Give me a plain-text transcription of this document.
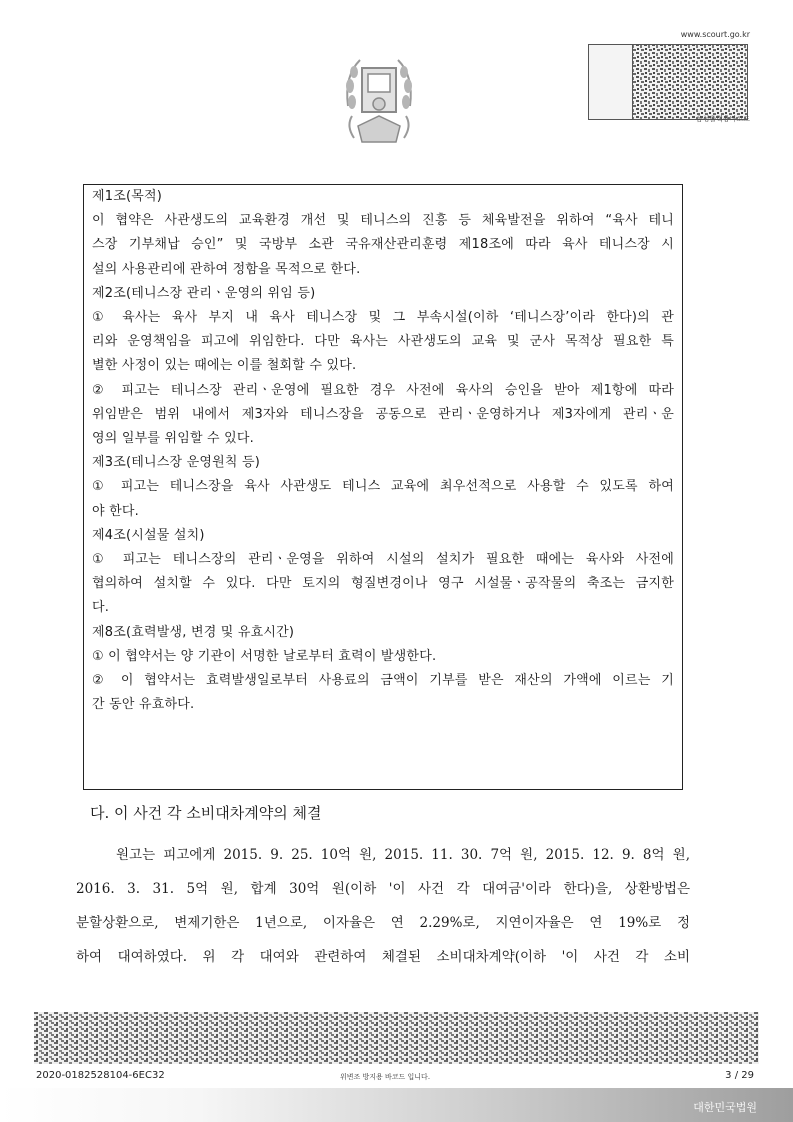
www.scourt.go.kr
음성출력용바코드
제1조(목적)
이 협약은 사관생도의 교육환경 개선 및 테니스의 진흥 등 체육발전을 위하여 “육사 테니
스장 기부채납 승인” 및 국방부 소관 국유재산관리훈령 제18조에 따라 육사 테니스장 시
설의 사용관리에 관하여 정함을 목적으로 한다.
제2조(테니스장 관리ㆍ운영의 위임 등)
① 육사는 육사 부지 내 육사 테니스장 및 그 부속시설(이하 ‘테니스장’이라 한다)의 관
리와 운영책임을 피고에 위임한다. 다만 육사는 사관생도의 교육 및 군사 목적상 필요한 특
별한 사정이 있는 때에는 이를 철회할 수 있다.
② 피고는 테니스장 관리ㆍ운영에 필요한 경우 사전에 육사의 승인을 받아 제1항에 따라
위임받은 범위 내에서 제3자와 테니스장을 공동으로 관리ㆍ운영하거나 제3자에게 관리ㆍ운
영의 일부를 위임할 수 있다.
제3조(테니스장 운영원칙 등)
① 피고는 테니스장을 육사 사관생도 테니스 교육에 최우선적으로 사용할 수 있도록 하여
야 한다.
제4조(시설물 설치)
① 피고는 테니스장의 관리ㆍ운영을 위하여 시설의 설치가 필요한 때에는 육사와 사전에
협의하여 설치할 수 있다. 다만 토지의 형질변경이나 영구 시설물ㆍ공작물의 축조는 금지한
다.
제8조(효력발생, 변경 및 유효시간)
① 이 협약서는 양 기관이 서명한 날로부터 효력이 발생한다.
② 이 협약서는 효력발생일로부터 사용료의 금액이 기부를 받은 재산의 가액에 이르는 기
간 동안 유효하다.
다. 이 사건 각 소비대차계약의 체결
원고는 피고에게 2015. 9. 25. 10억 원, 2015. 11. 30. 7억 원, 2015. 12. 9. 8억 원,
2016. 3. 31. 5억 원, 합계 30억 원(이하 '이 사건 각 대여금'이라 한다)을, 상환방법은
분할상환으로, 변제기한은 1년으로, 이자율은 연 2.29%로, 지연이자율은 연 19%로 정
하여 대여하였다. 위 각 대여와 관련하여 체결된 소비대차계약(이하 '이 사건 각 소비
2020-0182528104-6EC32	위변조 방지용 바코드 입니다.	3 / 29
대한민국법원
